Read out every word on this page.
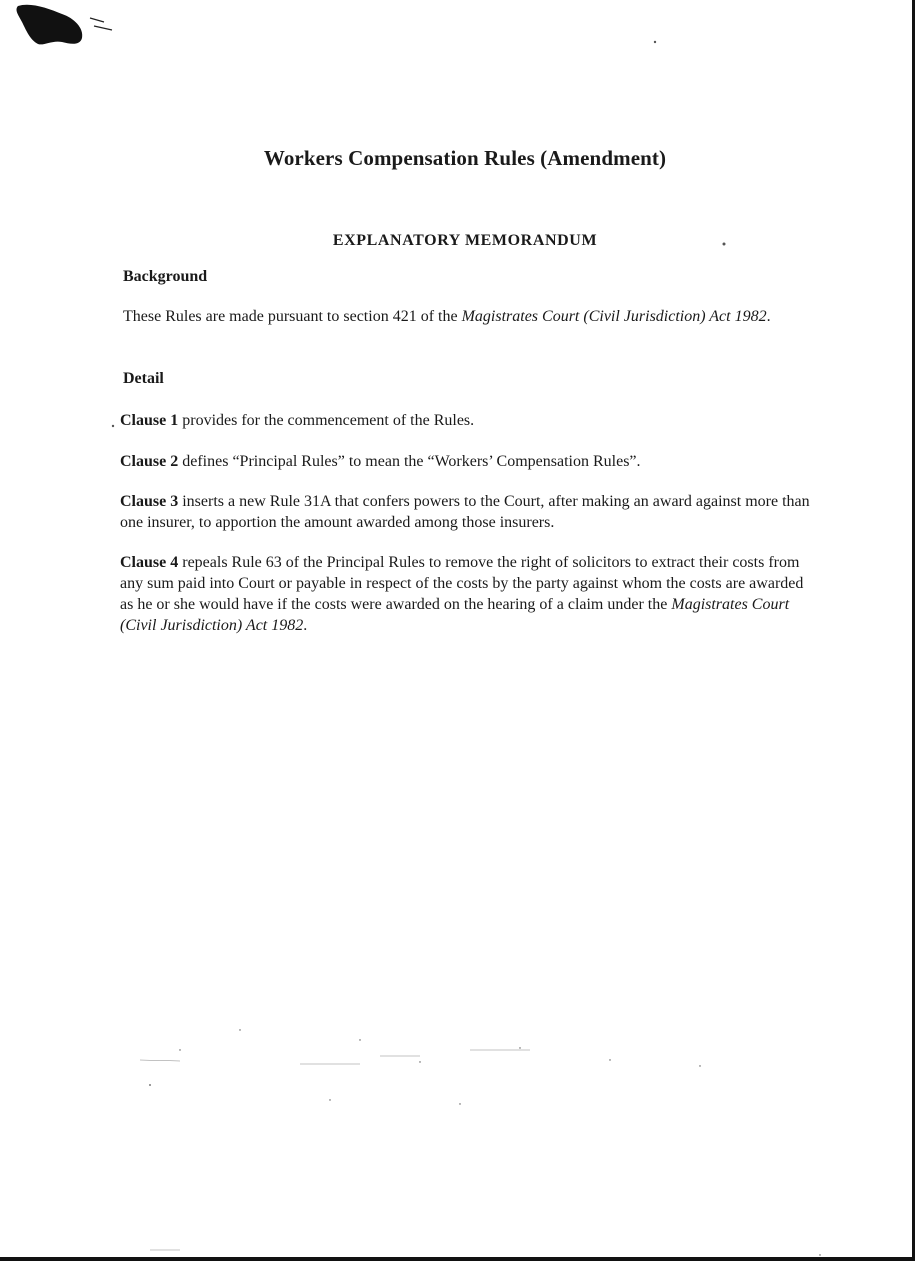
Workers Compensation Rules (Amendment)
EXPLANATORY MEMORANDUM
Background
These Rules are made pursuant to section 421 of the Magistrates Court (Civil Jurisdiction) Act 1982.
Detail
Clause 1 provides for the commencement of the Rules.
Clause 2 defines “Principal Rules” to mean the “Workers’ Compensation Rules”.
Clause 3 inserts a new Rule 31A that confers powers to the Court, after making an award against more than one insurer, to apportion the amount awarded among those insurers.
Clause 4 repeals Rule 63 of the Principal Rules to remove the right of solicitors to extract their costs from any sum paid into Court or payable in respect of the costs by the party against whom the costs are awarded as he or she would have if the costs were awarded on the hearing of a claim under the Magistrates Court (Civil Jurisdiction) Act 1982.
